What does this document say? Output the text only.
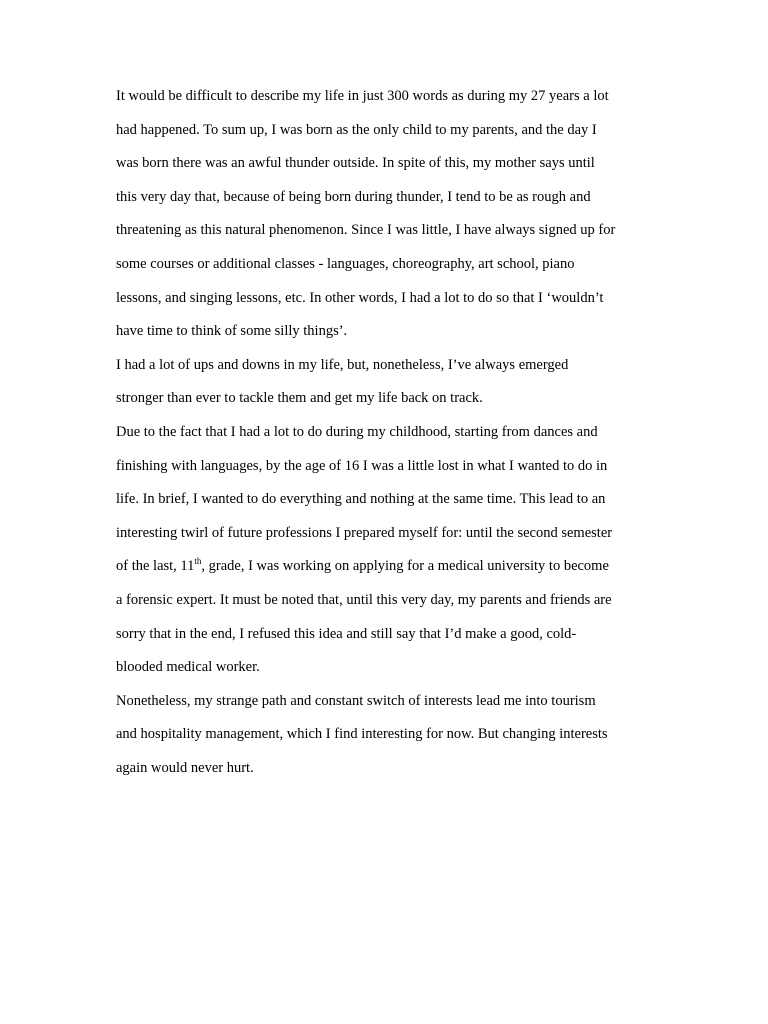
It would be difficult to describe my life in just 300 words as during my 27 years a lot
had happened. To sum up, I was born as the only child to my parents, and the day I
was born there was an awful thunder outside. In spite of this, my mother says until
this very day that, because of being born during thunder, I tend to be as rough and
threatening as this natural phenomenon. Since I was little, I have always signed up for
some courses or additional classes - languages, choreography, art school, piano
lessons, and singing lessons, etc. In other words, I had a lot to do so that I ‘wouldn’t
have time to think of some silly things’.
I had a lot of ups and downs in my life, but, nonetheless, I’ve always emerged
stronger than ever to tackle them and get my life back on track.
Due to the fact that I had a lot to do during my childhood, starting from dances and
finishing with languages, by the age of 16 I was a little lost in what I wanted to do in
life. In brief, I wanted to do everything and nothing at the same time. This lead to an
interesting twirl of future professions I prepared myself for: until the second semester
of the last, 11th, grade, I was working on applying for a medical university to become
a forensic expert. It must be noted that, until this very day, my parents and friends are
sorry that in the end, I refused this idea and still say that I’d make a good, cold-
blooded medical worker.
Nonetheless, my strange path and constant switch of interests lead me into tourism
and hospitality management, which I find interesting for now. But changing interests
again would never hurt.
